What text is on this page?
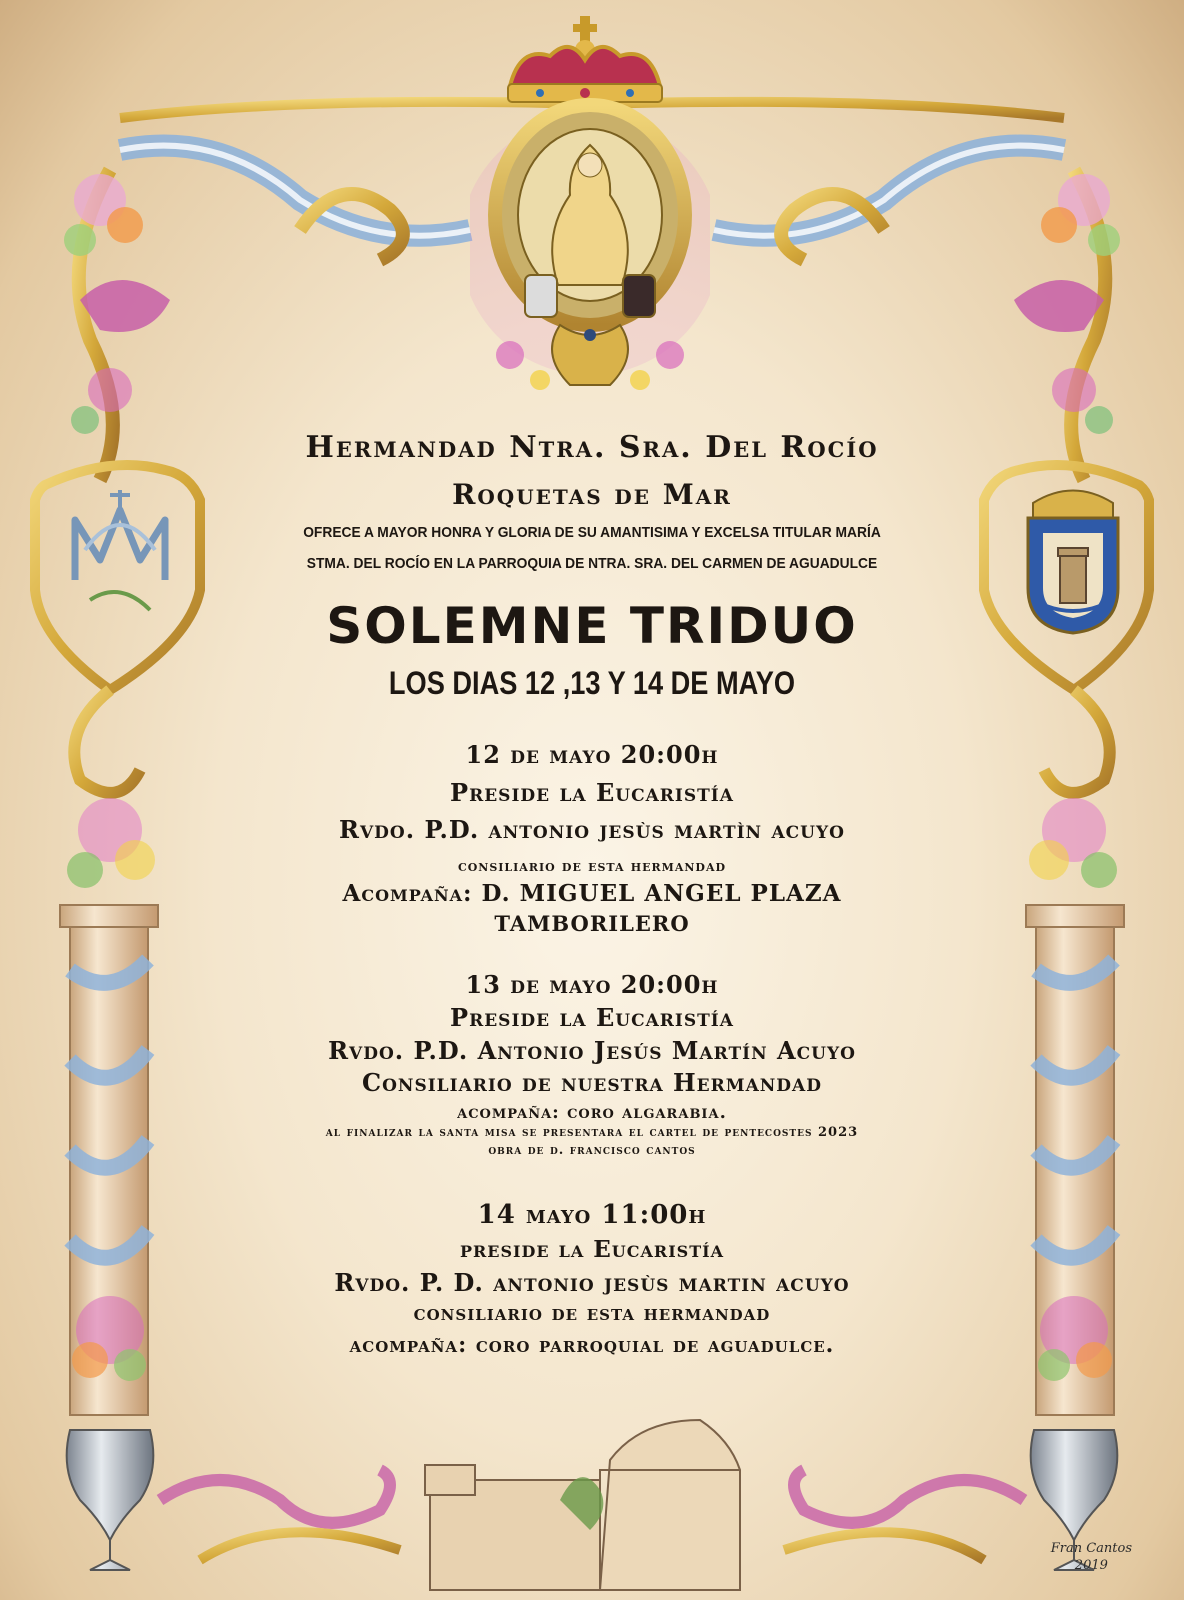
Hermandad Ntra. Sra. Del Rocío
Roquetas de Mar
OFRECE A MAYOR HONRA Y GLORIA DE SU AMANTISIMA Y EXCELSA TITULAR MARÍA
STMA. DEL ROCÍO EN LA PARROQUIA DE NTRA. SRA. DEL CARMEN DE AGUADULCE
SOLEMNE TRIDUO
LOS DIAS 12 ,13 Y 14 DE MAYO
12 de mayo 20:00h
Preside la Eucaristía
Rvdo. P.D. antonio jesùs martìn acuyo
consiliario de esta hermandad
Acompaña: D. MIGUEL ANGEL PLAZA
TAMBORILERO
13 de mayo 20:00h
Preside la Eucaristía
Rvdo. P.D. Antonio Jesús Martín Acuyo
Consiliario de nuestra Hermandad
acompaña: coro algarabia.
al finalizar la santa misa se presentara el cartel de pentecostes 2023
obra de d. francisco cantos
14 mayo 11:00h
preside la Eucaristía
Rvdo. P. D. antonio jesùs martin acuyo
consiliario de esta hermandad
acompaña: coro parroquial de aguadulce.
Fran Cantos
2019
